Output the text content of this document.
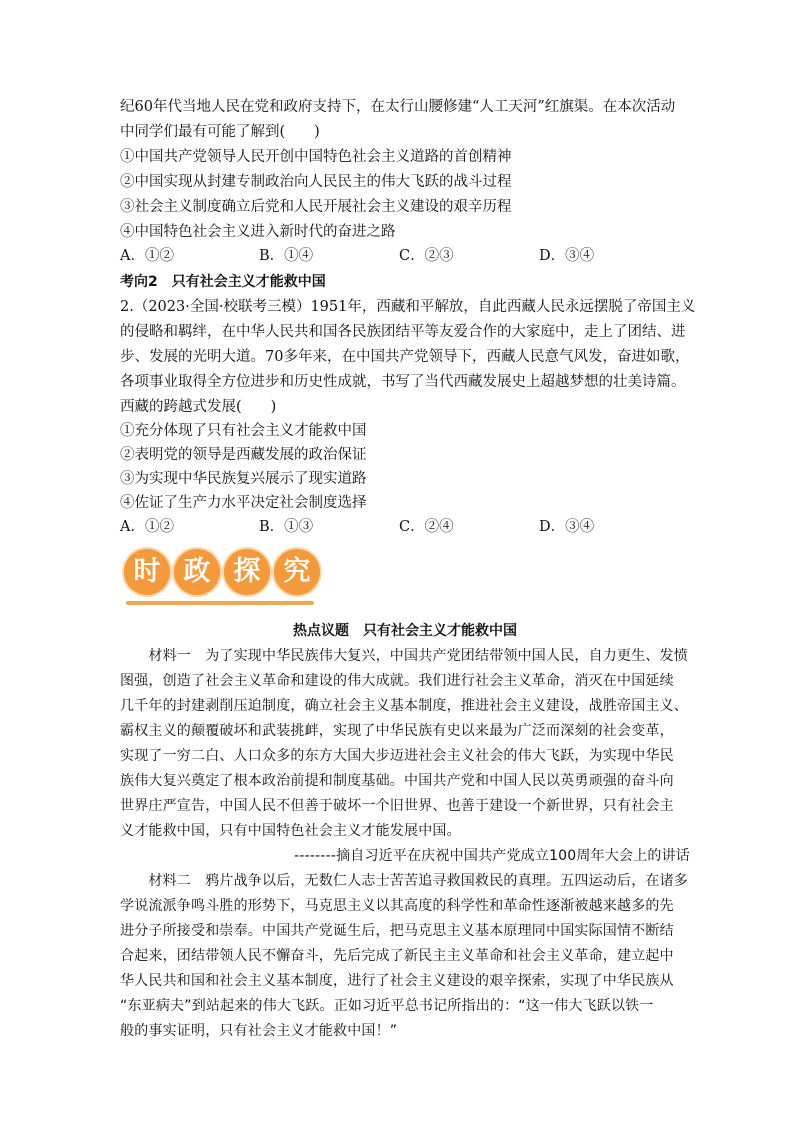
纪60年代当地人民在党和政府支持下，在太行山腰修建“人工天河”红旗渠。在本次活动
中同学们最有可能了解到(　　)
①中国共产党领导人民开创中国特色社会主义道路的首创精神
②中国实现从封建专制政治向人民民主的伟大飞跃的战斗过程
③社会主义制度确立后党和人民开展社会主义建设的艰辛历程
④中国特色社会主义进入新时代的奋进之路
A．①②	B．①④	C．②③	D．③④
考向2　只有社会主义才能救中国
2.（2023·全国·校联考三模）1951年，西藏和平解放，自此西藏人民永远摆脱了帝国主义
的侵略和羁绊，在中华人民共和国各民族团结平等友爱合作的大家庭中，走上了团结、进
步、发展的光明大道。70多年来，在中国共产党领导下，西藏人民意气风发，奋进如歌，
各项事业取得全方位进步和历史性成就，书写了当代西藏发展史上超越梦想的壮美诗篇。
西藏的跨越式发展(　　)
①充分体现了只有社会主义才能救中国
②表明党的领导是西藏发展的政治保证
③为实现中华民族复兴展示了现实道路
④佐证了生产力水平决定社会制度选择
A．①②	B．①③	C．②④	D．③④
时 政 探 究
热点议题　只有社会主义才能救中国
　　材料一　为了实现中华民族伟大复兴，中国共产党团结带领中国人民，自力更生、发愤
图强，创造了社会主义革命和建设的伟大成就。我们进行社会主义革命，消灭在中国延续
几千年的封建剥削压迫制度，确立社会主义基本制度，推进社会主义建设，战胜帝国主义、
霸权主义的颠覆破坏和武装挑衅，实现了中华民族有史以来最为广泛而深刻的社会变革，
实现了一穷二白、人口众多的东方大国大步迈进社会主义社会的伟大飞跃，为实现中华民
族伟大复兴奠定了根本政治前提和制度基础。中国共产党和中国人民以英勇顽强的奋斗向
世界庄严宣告，中国人民不但善于破坏一个旧世界、也善于建设一个新世界，只有社会主
义才能救中国，只有中国特色社会主义才能发展中国。
--------摘自习近平在庆祝中国共产党成立100周年大会上的讲话
　　材料二　鸦片战争以后，无数仁人志士苦苦追寻救国救民的真理。五四运动后，在诸多
学说流派争鸣斗胜的形势下，马克思主义以其高度的科学性和革命性逐渐被越来越多的先
进分子所接受和崇奉。中国共产党诞生后，把马克思主义基本原理同中国实际国情不断结
合起来，团结带领人民不懈奋斗，先后完成了新民主主义革命和社会主义革命，建立起中
华人民共和国和社会主义基本制度，进行了社会主义建设的艰辛探索，实现了中华民族从
“东亚病夫”到站起来的伟大飞跃。正如习近平总书记所指出的：“这一伟大飞跃以铁一
般的事实证明，只有社会主义才能救中国！”
